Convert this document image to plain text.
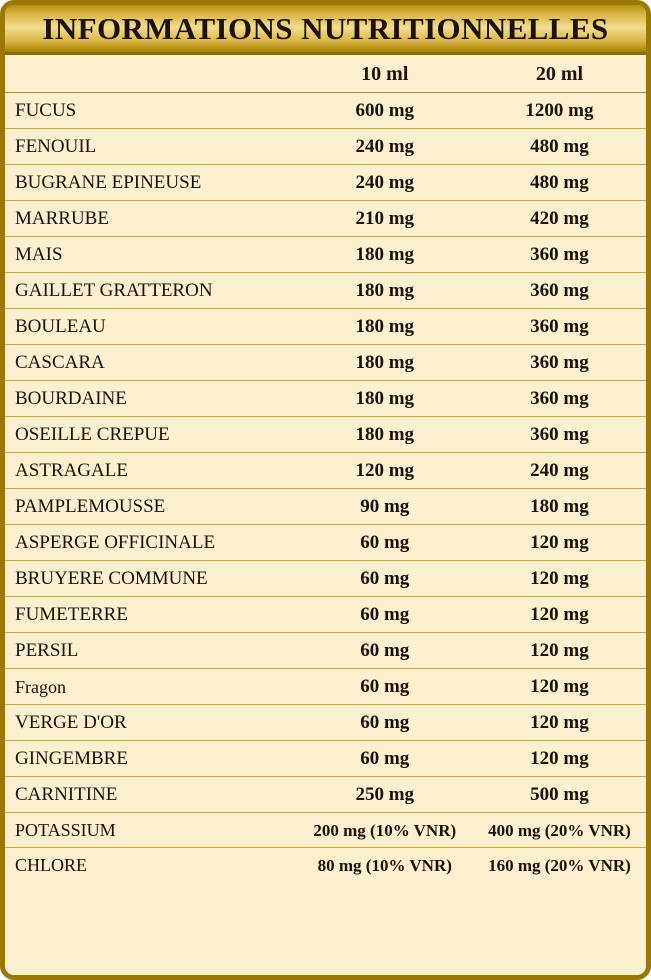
INFORMATIONS NUTRITIONNELLES
	10 ml	20 ml
FUCUS	600 mg	1200 mg
FENOUIL	240 mg	480 mg
BUGRANE EPINEUSE	240 mg	480 mg
MARRUBE	210 mg	420 mg
MAIS	180 mg	360 mg
GAILLET GRATTERON	180 mg	360 mg
BOULEAU	180 mg	360 mg
CASCARA	180 mg	360 mg
BOURDAINE	180 mg	360 mg
OSEILLE CREPUE	180 mg	360 mg
ASTRAGALE	120 mg	240 mg
PAMPLEMOUSSE	90 mg	180 mg
ASPERGE OFFICINALE	60 mg	120 mg
BRUYERE COMMUNE	60 mg	120 mg
FUMETERRE	60 mg	120 mg
PERSIL	60 mg	120 mg
Fragon	60 mg	120 mg
VERGE D'OR	60 mg	120 mg
GINGEMBRE	60 mg	120 mg
CARNITINE	250 mg	500 mg
POTASSIUM	200 mg (10% VNR)	400 mg (20% VNR)
CHLORE	80 mg (10% VNR)	160 mg (20% VNR)
